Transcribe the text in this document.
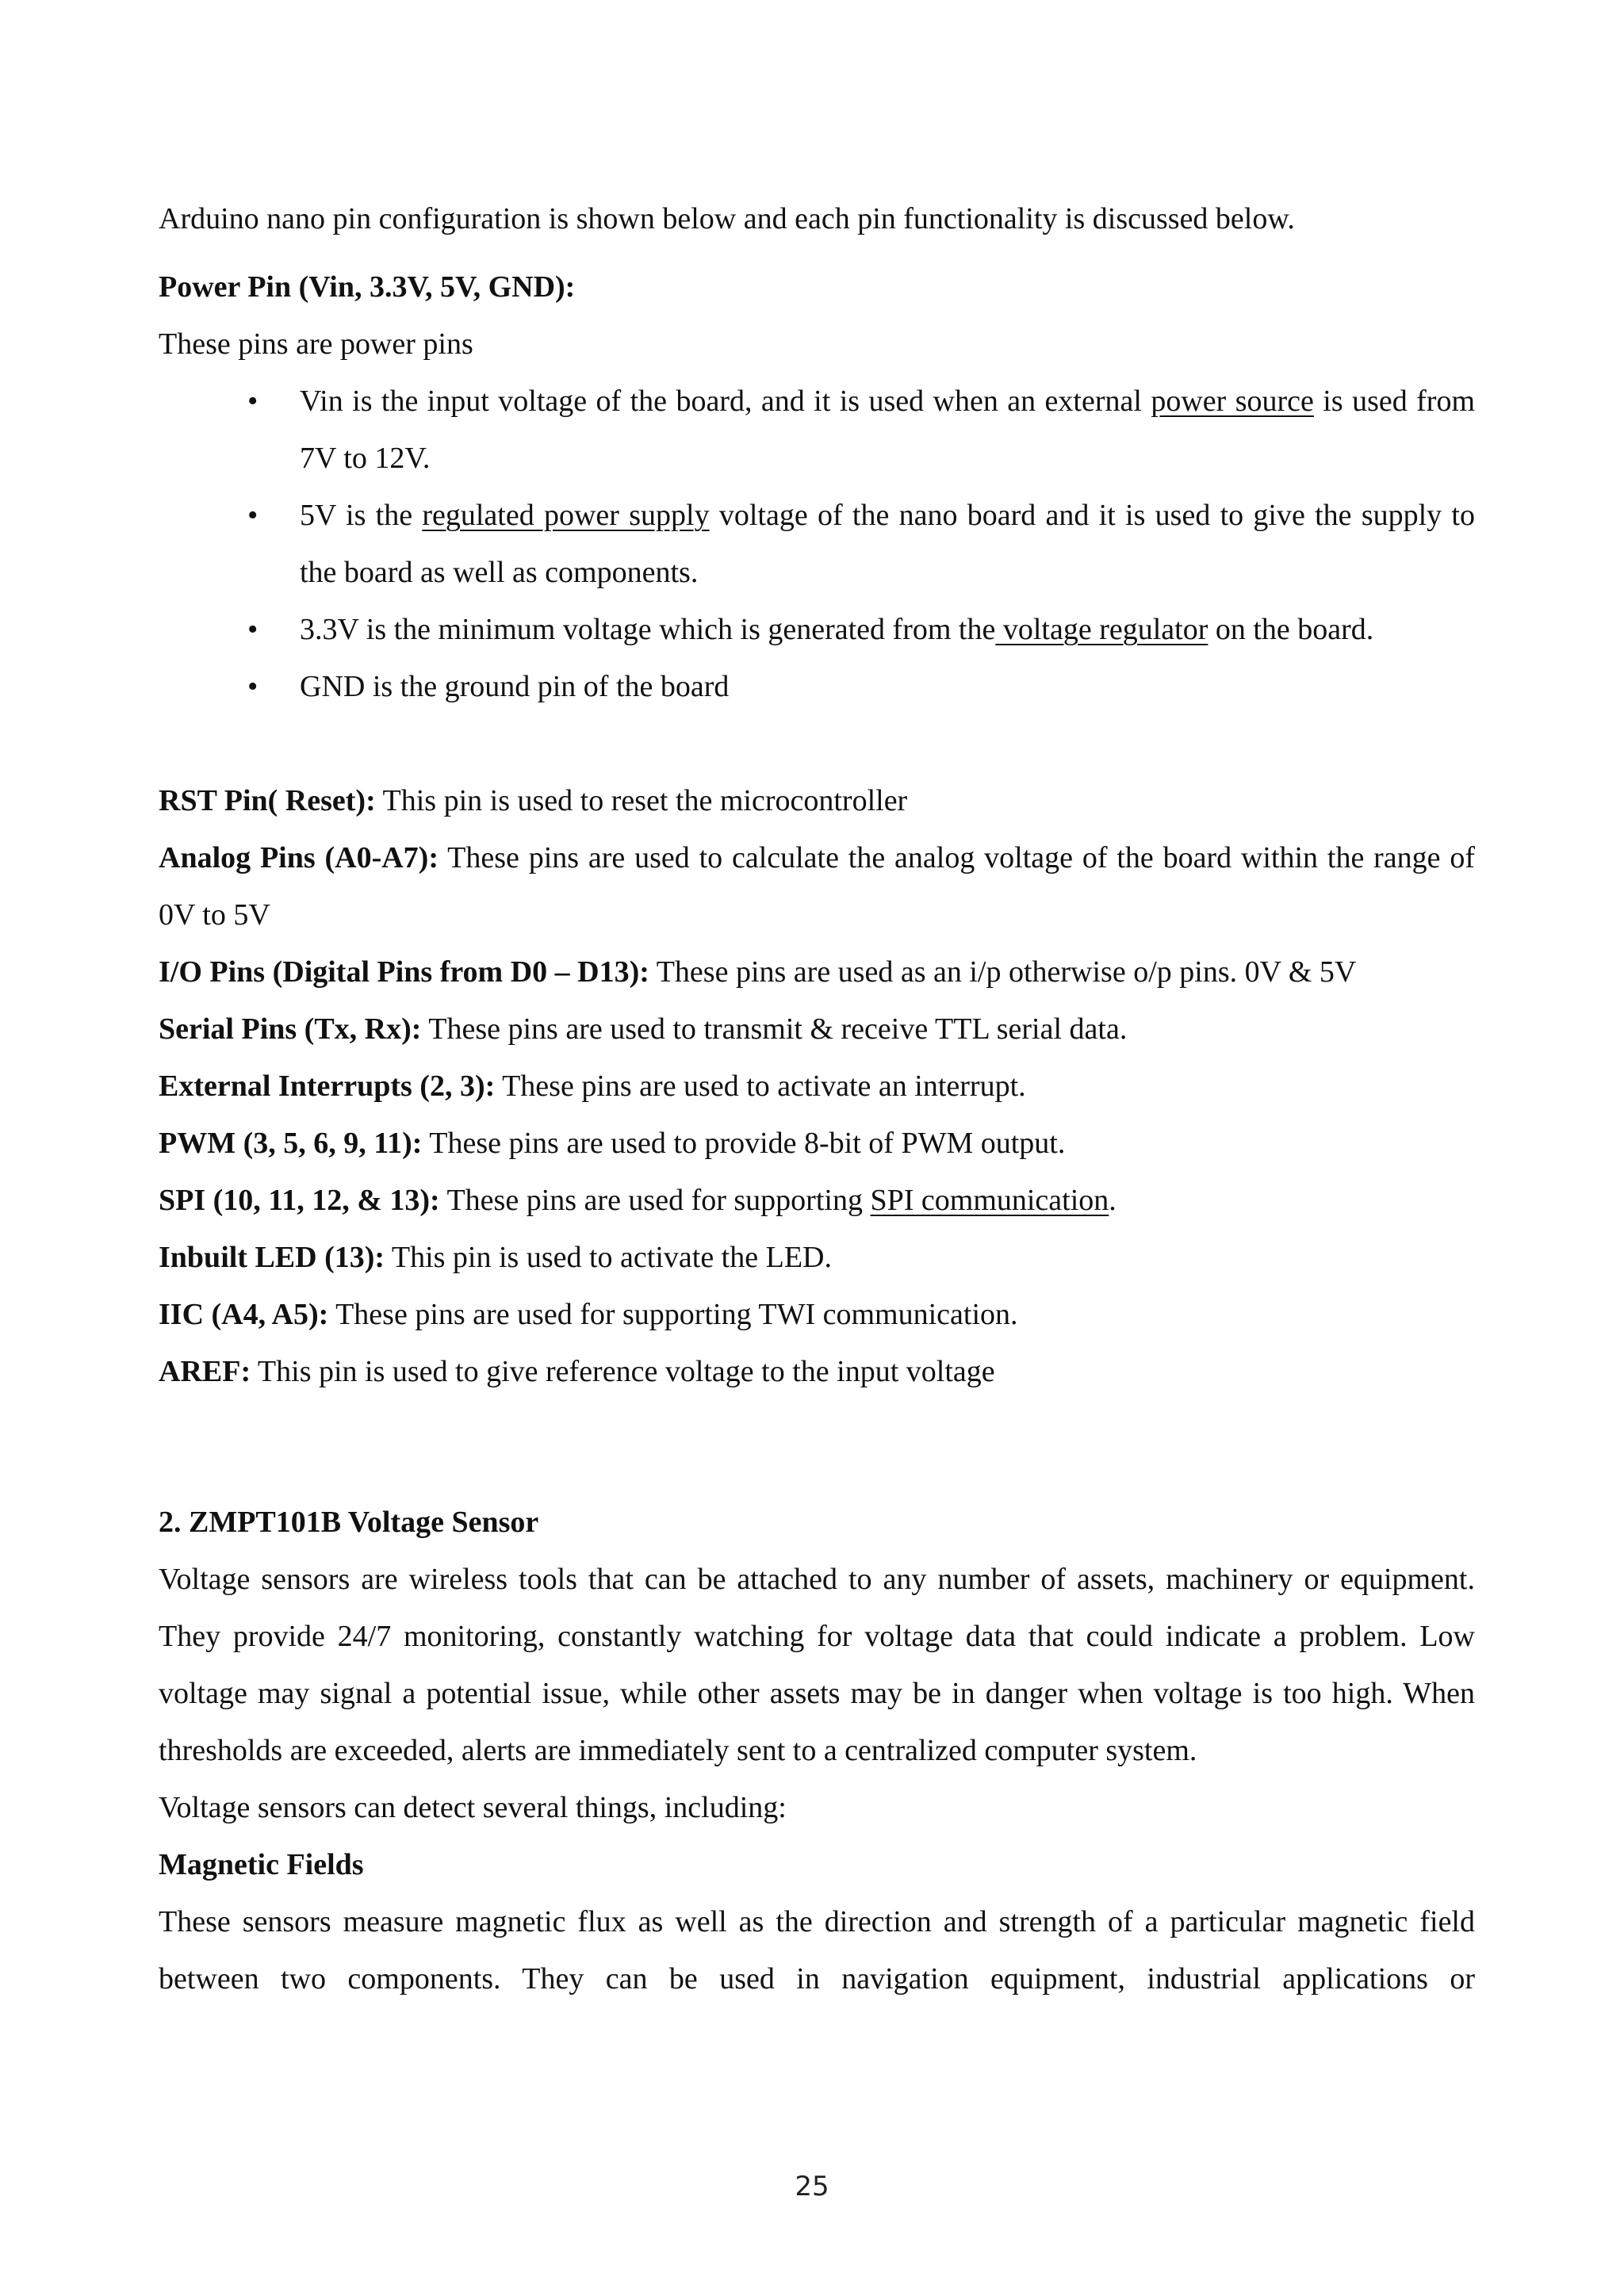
Arduino nano pin configuration is shown below and each pin functionality is discussed below.

Power Pin (Vin, 3.3V, 5V, GND):

These pins are power pins

• Vin is the input voltage of the board, and it is used when an external power source is used from 7V to 12V.
• 5V is the regulated power supply voltage of the nano board and it is used to give the supply to the board as well as components.
• 3.3V is the minimum voltage which is generated from the voltage regulator on the board.
• GND is the ground pin of the board

RST Pin( Reset): This pin is used to reset the microcontroller

Analog Pins (A0-A7): These pins are used to calculate the analog voltage of the board within the range of 0V to 5V

I/O Pins (Digital Pins from D0 – D13): These pins are used as an i/p otherwise o/p pins. 0V & 5V

Serial Pins (Tx, Rx): These pins are used to transmit & receive TTL serial data.

External Interrupts (2, 3): These pins are used to activate an interrupt.

PWM (3, 5, 6, 9, 11): These pins are used to provide 8-bit of PWM output.

SPI (10, 11, 12, & 13): These pins are used for supporting SPI communication.

Inbuilt LED (13): This pin is used to activate the LED.

IIC (A4, A5): These pins are used for supporting TWI communication.

AREF: This pin is used to give reference voltage to the input voltage

2. ZMPT101B Voltage Sensor

Voltage sensors are wireless tools that can be attached to any number of assets, machinery or equipment. They provide 24/7 monitoring, constantly watching for voltage data that could indicate a problem. Low voltage may signal a potential issue, while other assets may be in danger when voltage is too high. When thresholds are exceeded, alerts are immediately sent to a centralized computer system.

Voltage sensors can detect several things, including:

Magnetic Fields

These sensors measure magnetic flux as well as the direction and strength of a particular magnetic field between two components. They can be used in navigation equipment, industrial applications or

25
